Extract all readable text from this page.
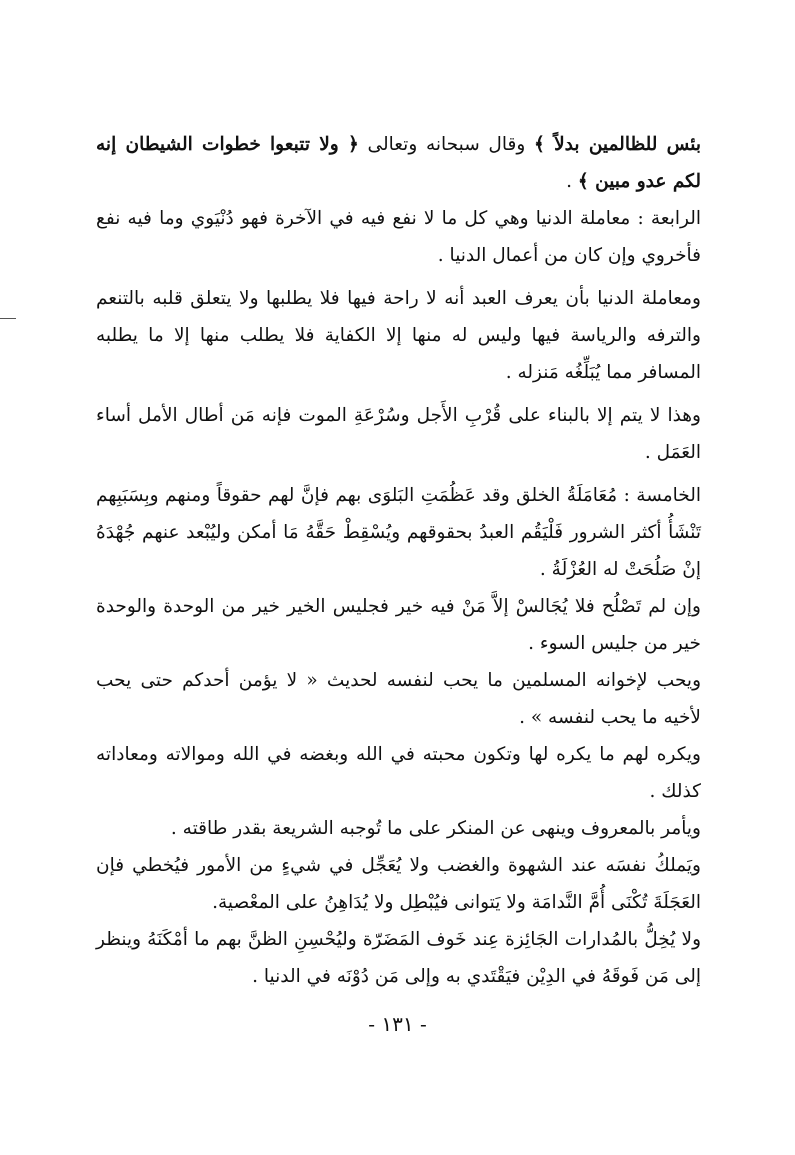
بئس للظالمين بدلاً ﴾ وقال سبحانه وتعالى ﴿ ولا تتبعوا خطوات الشيطان إنه لكم عدو مبين ﴾ .

الرابعة : معاملة الدنيا وهي كل ما لا نفع فيه في الآخرة فهو دُنْيَوي وما فيه نفع فأخروي وإن كان من أعمال الدنيا .

ومعاملة الدنيا بأن يعرف العبد أنه لا راحة فيها فلا يطلبها ولا يتعلق قلبه بالتنعم والترفه والرياسة فيها وليس له منها إلا الكفاية فلا يطلب منها إلا ما يطلبه المسافر مما يُبَلِّغُه مَنزله .

وهذا لا يتم إلا بالبناء على قُرْبِ الأَجل وسُرْعَةِ الموت فإنه مَن أطال الأمل أساء العَمَل .

الخامسة : مُعَامَلَةُ الخلق وقد عَظُمَتِ البَلوَى بهم فإنَّ لهم حقوقاً ومنهم وبِسَبَبِهم تَنْشَأُ أكثر الشرور فَلْيَقُم العبدُ بحقوقهم ويُسْقِطْ حَقَّهُ مَا أمكن وليُبْعد عنهم جُهْدَهُ إنْ صَلُحَتْ له العُزْلَةُ .

وإن لم تَصْلُح فلا يُجَالسْ إلاَّ مَنْ فيه خير فجليس الخير خير من الوحدة والوحدة خير من جليس السوء .

ويحب لإخوانه المسلمين ما يحب لنفسه لحديث « لا يؤمن أحدكم حتى يحب لأخيه ما يحب لنفسه » .

ويكره لهم ما يكره لها وتكون محبته في الله وبغضه في الله وموالاته ومعاداته كذلك .

ويأمر بالمعروف وينهى عن المنكر على ما تُوجبه الشريعة بقدر طاقته .

ويَملكُ نفسَه عند الشهوة والغضب ولا يُعَجِّل في شيءٍ من الأمور فيُخطي فإن العَجَلَةَ تُكْنَى أُمَّ النَّدامَة ولا يَتوانى فيُبْطِل ولا يُدَاهِنُ على المعْصية.

ولا يُخِلُّ بالمُدارات الجَائِزة عِند خَوف المَضَرّة وليُحْسِنِ الظنَّ بهم ما أمْكَنَهُ وينظر إلى مَن فَوقَهُ في الدِيْن فيَقْتَدي به وإلى مَن دُوْنَه في الدنيا .

- ١٣١ -
